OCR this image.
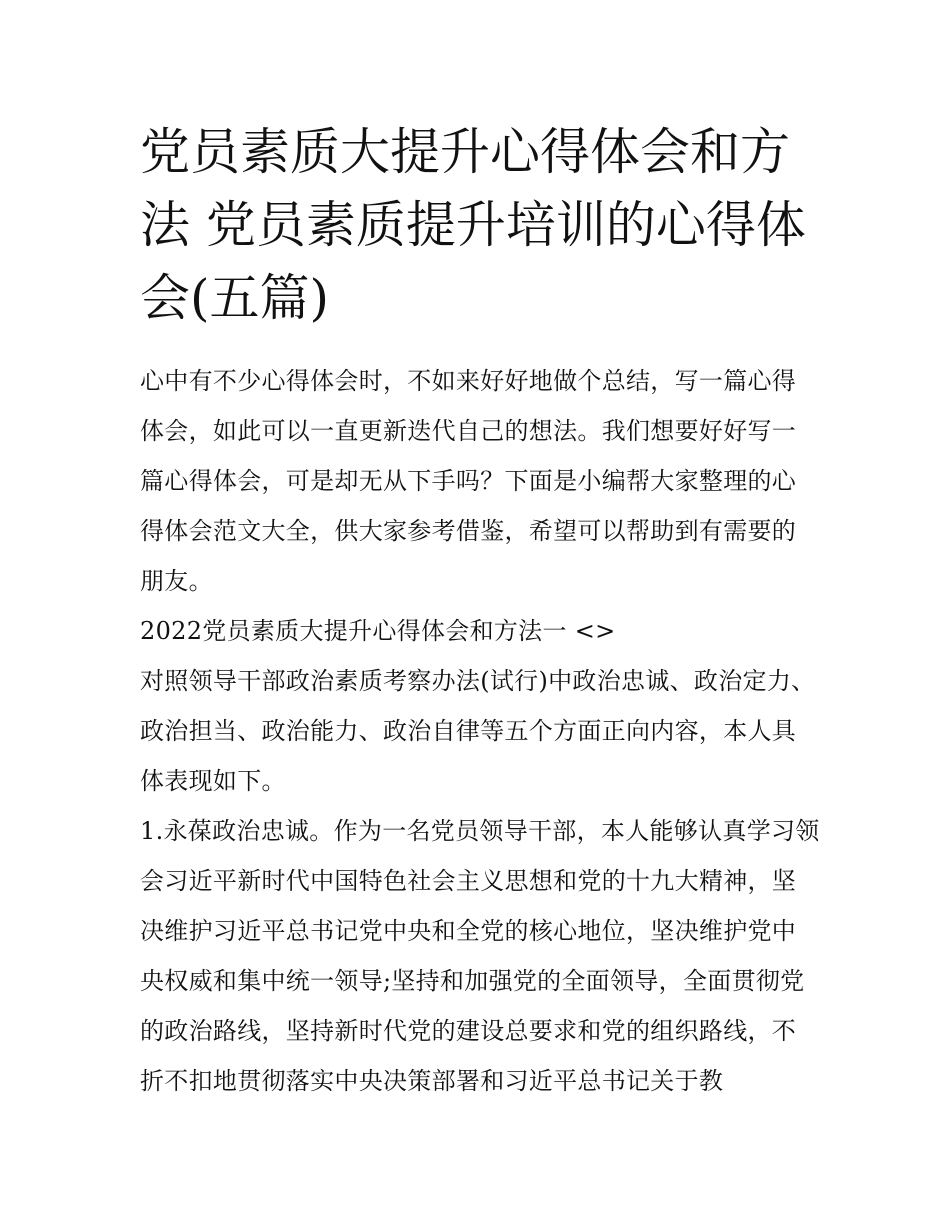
党员素质大提升心得体会和方法 党员素质提升培训的心得体会(五篇)

心中有不少心得体会时，不如来好好地做个总结，写一篇心得体会，如此可以一直更新迭代自己的想法。我们想要好好写一篇心得体会，可是却无从下手吗？下面是小编帮大家整理的心得体会范文大全，供大家参考借鉴，希望可以帮助到有需要的朋友。

2022党员素质大提升心得体会和方法一 <>

对照领导干部政治素质考察办法(试行)中政治忠诚、政治定力、政治担当、政治能力、政治自律等五个方面正向内容，本人具体表现如下。

1.永葆政治忠诚。作为一名党员领导干部，本人能够认真学习领会习近平新时代中国特色社会主义思想和党的十九大精神，坚决维护习近平总书记党中央和全党的核心地位，坚决维护党中央权威和集中统一领导;坚持和加强党的全面领导，全面贯彻党的政治路线，坚持新时代党的建设总要求和党的组织路线，不折不扣地贯彻落实中央决策部署和习近平总书记关于教
